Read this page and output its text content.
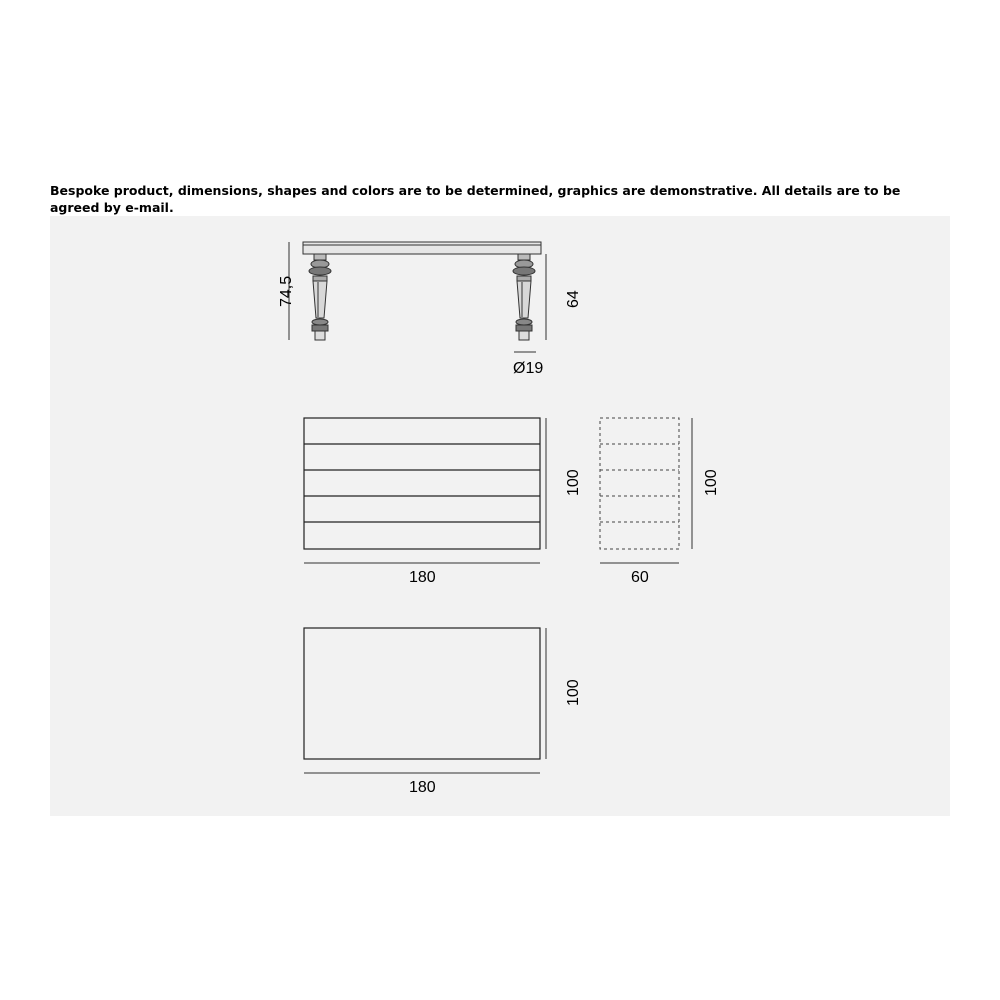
Bespoke product, dimensions, shapes and colors are to be determined, graphics are demonstrative. All details are to be agreed by e-mail.
74,5	64
Ø19
100
180
100
60
100
180
